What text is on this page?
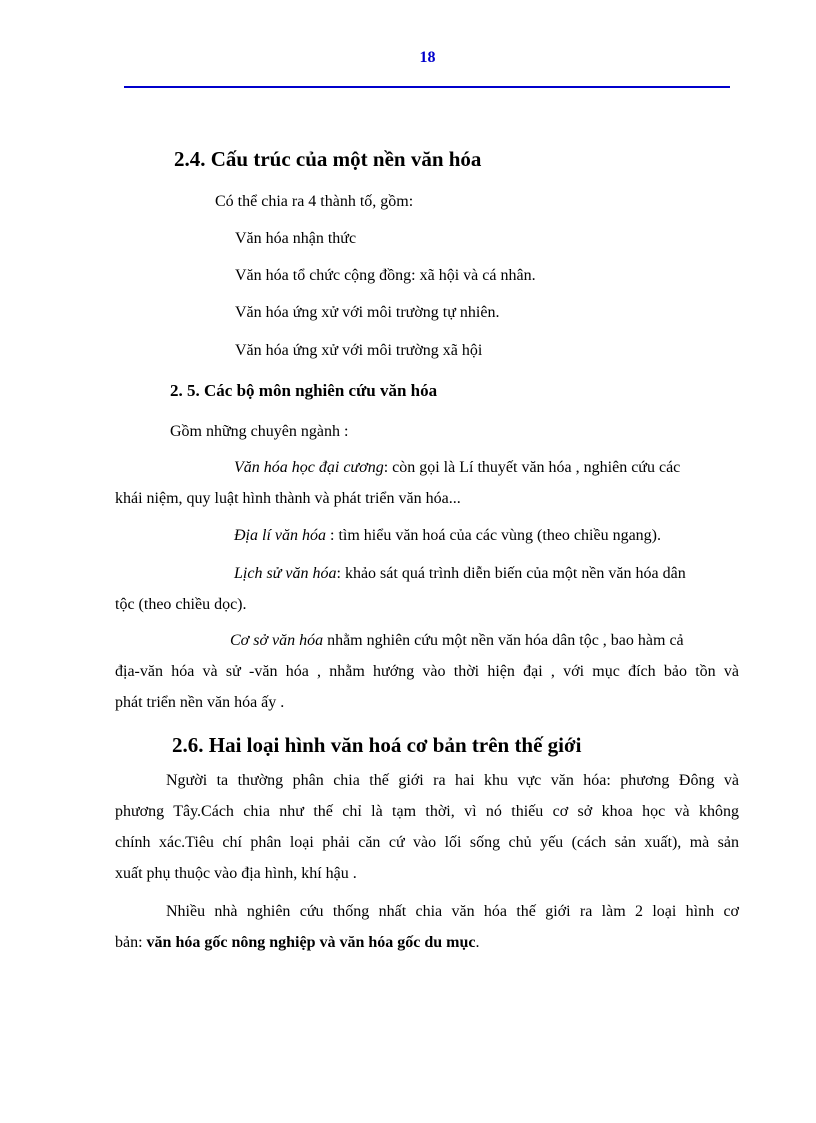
18
2.4. Cấu trúc của một nền văn hóa
Có thể chia ra 4 thành tố, gồm:
Văn hóa nhận thức
Văn hóa tổ chức cộng đồng: xã hội và cá nhân.
Văn hóa ứng xử với môi trường tự nhiên.
Văn hóa ứng xử với môi trường xã hội
2. 5. Các bộ môn nghiên cứu văn hóa
Gồm những chuyên ngành :
Văn hóa học đại cương: còn gọi là Lí thuyết văn hóa , nghiên cứu các
khái niệm, quy luật hình thành và phát triển văn hóa...
Địa lí văn hóa : tìm hiểu văn hoá của các vùng (theo chiều ngang).
Lịch sử văn hóa: khảo sát quá trình diễn biến của một nền văn hóa dân
tộc (theo chiều dọc).
Cơ sở văn hóa nhằm nghiên cứu một nền văn hóa dân tộc , bao hàm cả
địa-văn hóa và sử -văn hóa , nhằm hướng vào thời hiện đại , với mục đích bảo tồn và
phát triển nền văn hóa ấy .
2.6. Hai loại hình văn hoá cơ bản trên thế giới
Người ta thường phân chia thế giới ra hai khu vực văn hóa: phương Đông và
phương Tây.Cách chia như thế chỉ là tạm thời, vì nó thiếu cơ sở khoa học và không
chính xác.Tiêu chí phân loại phải căn cứ vào lối sống chủ yếu (cách sản xuất), mà sản
xuất phụ thuộc vào địa hình, khí hậu .
Nhiều nhà nghiên cứu thống nhất chia văn hóa thế giới ra làm 2 loại hình cơ
bản: văn hóa gốc nông nghiệp và văn hóa gốc du mục.
